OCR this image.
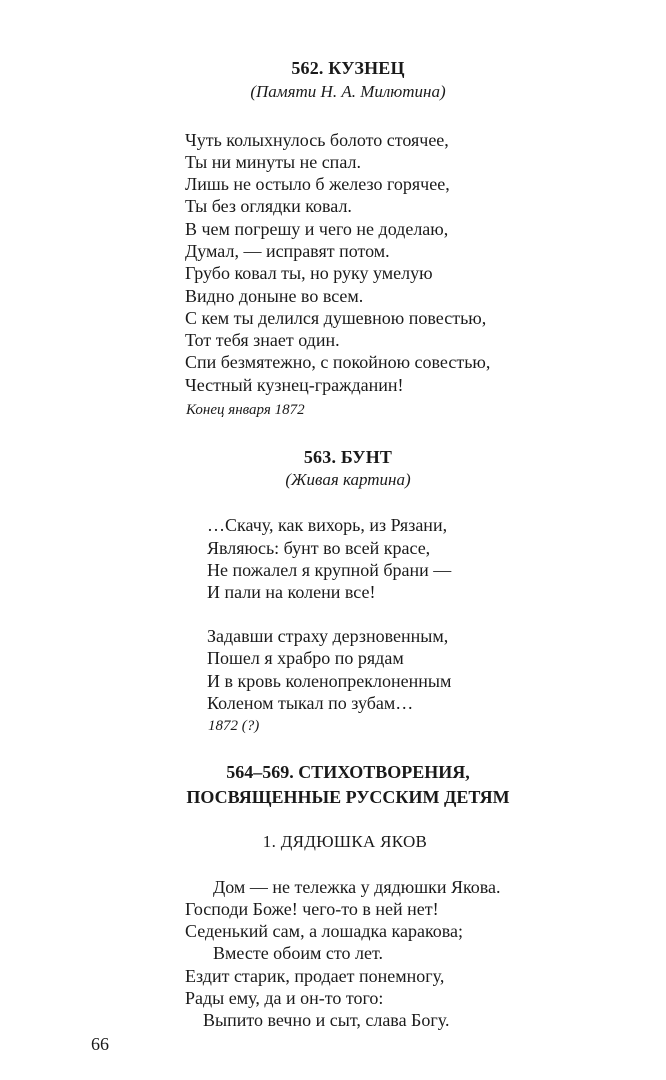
562. КУЗНЕЦ
(Памяти Н. А. Милютина)
Чуть колыхнулось болото стоячее,
Ты ни минуты не спал.
Лишь не остыло б железо горячее,
Ты без оглядки ковал.
В чем погрешу и чего не доделаю,
Думал, — исправят потом.
Грубо ковал ты, но руку умелую
Видно доныне во всем.
С кем ты делился душевною повестью,
Тот тебя знает один.
Спи безмятежно, с покойною совестью,
Честный кузнец-гражданин!
Конец января 1872
563. БУНТ
(Живая картина)
…Скачу, как вихорь, из Рязани,
Являюсь: бунт во всей красе,
Не пожалел я крупной брани —
И пали на колени все!
Задавши страху дерзновенным,
Пошел я храбро по рядам
И в кровь коленопреклоненным
Коленом тыкал по зубам…
1872 (?)
564–569. СТИХОТВОРЕНИЯ,
ПОСВЯЩЕННЫЕ РУССКИМ ДЕТЯМ
1. ДЯДЮШКА ЯКОВ
Дом — не тележка у дядюшки Якова.
Господи Боже! чего-то в ней нет!
Седенький сам, а лошадка каракова;
Вместе обоим сто лет.
Ездит старик, продает понемногу,
Рады ему, да и он-то того:
Выпито вечно и сыт, слава Богу.
66
